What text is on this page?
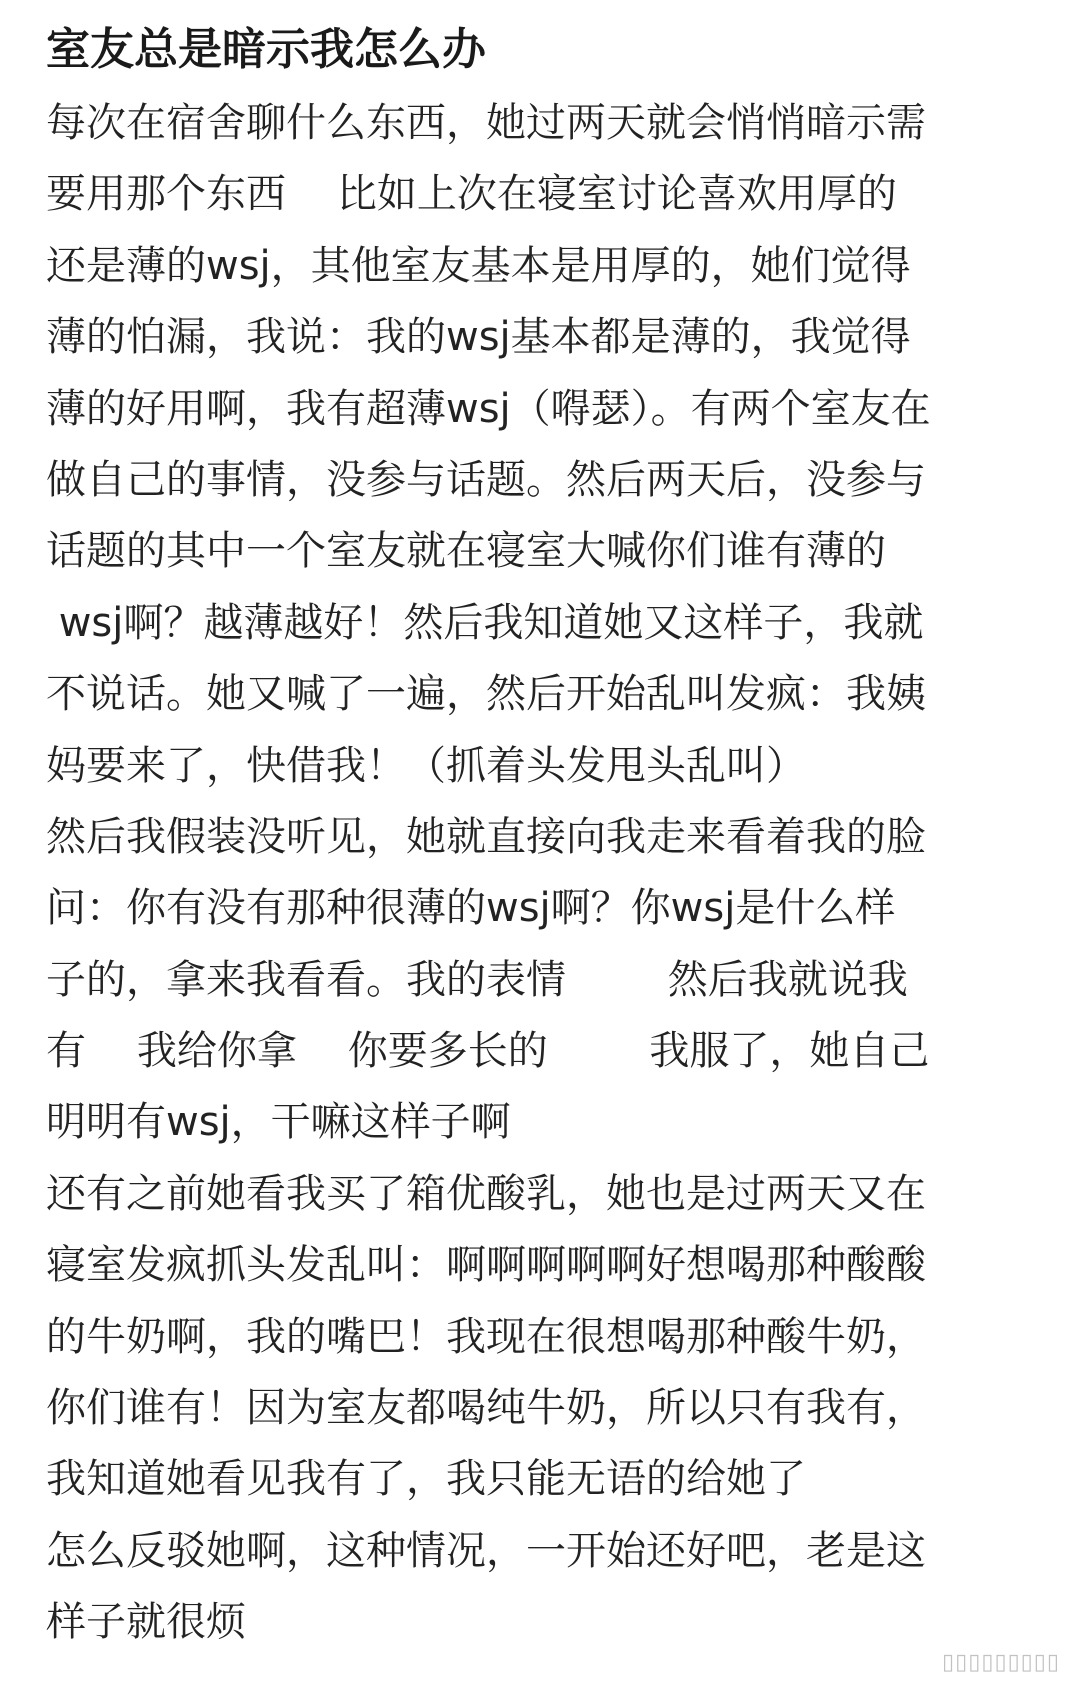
室友总是暗示我怎么办
每次在宿舍聊什么东西，她过两天就会悄悄暗示需
要用那个东西    比如上次在寝室讨论喜欢用厚的
还是薄的wsj，其他室友基本是用厚的，她们觉得
薄的怕漏，我说：我的wsj基本都是薄的，我觉得
薄的好用啊，我有超薄wsj（嘚瑟）。有两个室友在
做自己的事情，没参与话题。然后两天后，没参与
话题的其中一个室友就在寝室大喊你们谁有薄的
wsj啊？越薄越好！然后我知道她又这样子，我就
不说话。她又喊了一遍，然后开始乱叫发疯：我姨
妈要来了，快借我！（抓着头发甩头乱叫）
然后我假装没听见，她就直接向我走来看着我的脸
问：你有没有那种很薄的wsj啊？你wsj是什么样
子的，拿来我看看。我的表情        然后我就说我
有    我给你拿    你要多长的        我服了，她自己
明明有wsj，干嘛这样子啊
还有之前她看我买了箱优酸乳，她也是过两天又在
寝室发疯抓头发乱叫：啊啊啊啊啊好想喝那种酸酸
的牛奶啊，我的嘴巴！我现在很想喝那种酸牛奶，
你们谁有！因为室友都喝纯牛奶，所以只有我有，
我知道她看见我有了，我只能无语的给她了
怎么反驳她啊，这种情况，一开始还好吧，老是这
样子就很烦
▯▯▯▯▯▯▯▯▯
